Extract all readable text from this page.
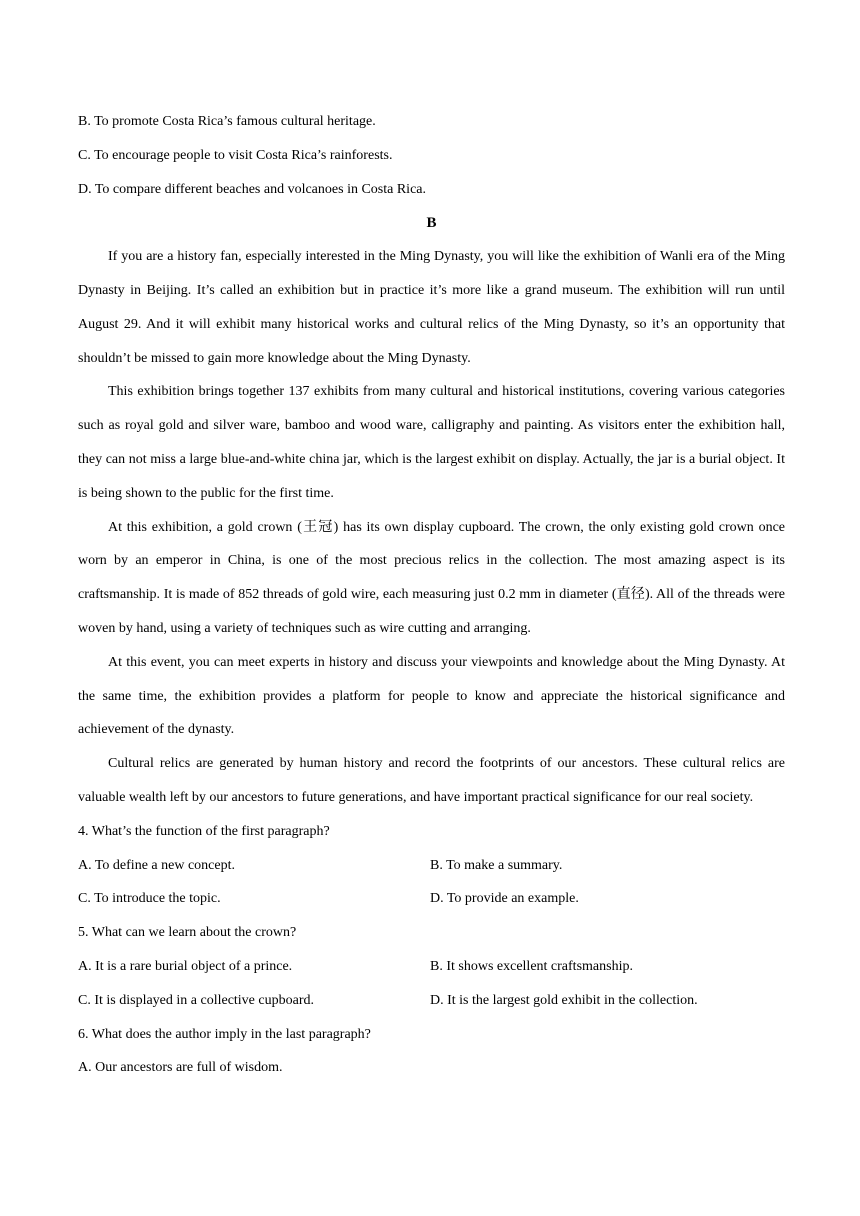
B. To promote Costa Rica’s famous cultural heritage.

C. To encourage people to visit Costa Rica’s rainforests.

D. To compare different beaches and volcanoes in Costa Rica.

B

If you are a history fan, especially interested in the Ming Dynasty, you will like the exhibition of Wanli era of the Ming Dynasty in Beijing. It’s called an exhibition but in practice it’s more like a grand museum. The exhibition will run until August 29. And it will exhibit many historical works and cultural relics of the Ming Dynasty, so it’s an opportunity that shouldn’t be missed to gain more knowledge about the Ming Dynasty.

This exhibition brings together 137 exhibits from many cultural and historical institutions, covering various categories such as royal gold and silver ware, bamboo and wood ware, calligraphy and painting. As visitors enter the exhibition hall, they can not miss a large blue-and-white china jar, which is the largest exhibit on display. Actually, the jar is a burial object. It is being shown to the public for the first time.

At this exhibition, a gold crown (王冠) has its own display cupboard. The crown, the only existing gold crown once worn by an emperor in China, is one of the most precious relics in the collection. The most amazing aspect is its craftsmanship. It is made of 852 threads of gold wire, each measuring just 0.2 mm in diameter (直径). All of the threads were woven by hand, using a variety of techniques such as wire cutting and arranging.

At this event, you can meet experts in history and discuss your viewpoints and knowledge about the Ming Dynasty. At the same time, the exhibition provides a platform for people to know and appreciate the historical significance and achievement of the dynasty.

Cultural relics are generated by human history and record the footprints of our ancestors. These cultural relics are valuable wealth left by our ancestors to future generations, and have important practical significance for our real society.

4. What’s the function of the first paragraph?

A. To define a new concept.	B. To make a summary.
C. To introduce the topic.	D. To provide an example.

5. What can we learn about the crown?

A. It is a rare burial object of a prince.	B. It shows excellent craftsmanship.
C. It is displayed in a collective cupboard.	D. It is the largest gold exhibit in the collection.

6. What does the author imply in the last paragraph?

A. Our ancestors are full of wisdom.
